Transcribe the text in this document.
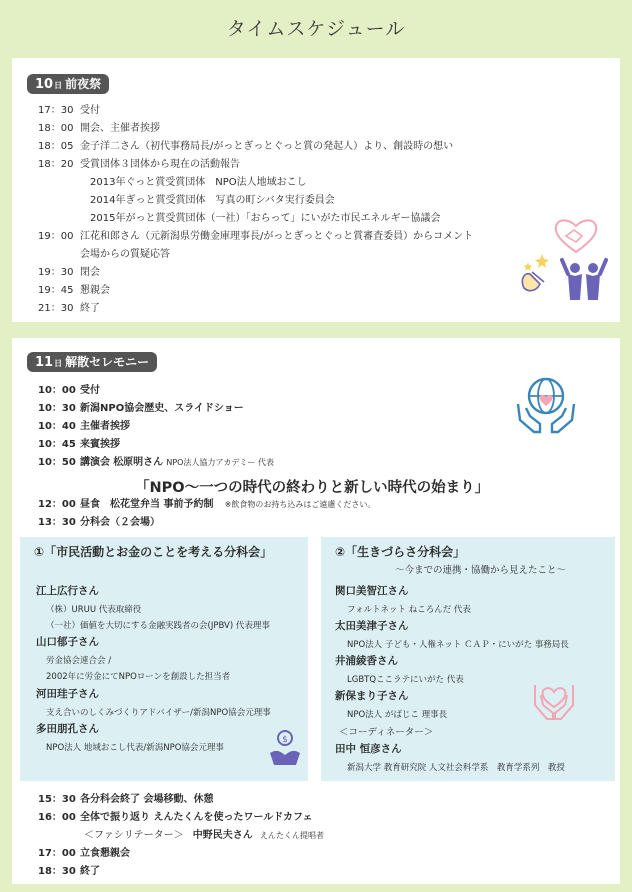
タイムスケジュール
10日 前夜祭
17：30 受付
18：00 開会、主催者挨拶
18：05 金子洋二さん（初代事務局長/がっとぎっとぐっと賞の発起人）より、創設時の想い
18：20 受賞団体３団体から現在の活動報告
2013年ぐっと賞受賞団体　NPO法人地域おこし
2014年ぎっと賞受賞団体　写真の町シバタ実行委員会
2015年がっと賞受賞団体（一社）「おらって」にいがた市民エネルギー協議会
19：00 江花和郎さん（元新潟県労働金庫理事長/がっとぎっとぐっと賞審査委員）からコメント
会場からの質疑応答
19：30 閉会
19：45 懇親会
21：30 終了
11日 解散セレモニー
10：00 受付
10：30 新潟NPO協会歴史、スライドショー
10：40 主催者挨拶
10：45 来賓挨拶
10：50 講演会 松原明さん NPO法人協力アカデミー 代表
「NPO～一つの時代の終わりと新しい時代の始まり」
12：00 昼食　松花堂弁当 事前予約制 ※飲食物のお持ち込みはご遠慮ください。
13：30 分科会（２会場）
①「市民活動とお金のことを考える分科会」
江上広行さん
（株）URUU 代表取締役
（一社）価値を大切にする金融実践者の会(JPBV) 代表理事
山口郁子さん
労金協会連合会 /
2002年に労金にてNPOローンを創設した担当者
河田珪子さん
支え合いのしくみづくりアドバイザー/新潟NPO協会元理事
多田朋孔さん
NPO法人 地域おこし代表/新潟NPO協会元理事
$
②「生きづらさ分科会」
～今までの連携・協働から見えたこと～
関口美智江さん
フォルトネット ねころんだ 代表
太田美津子さん
NPO法人 子ども・人権ネット ＣＡＰ・にいがた 事務局長
井浦綾香さん
LGBTQここラテにいがた 代表
新保まり子さん
NPO法人 がばじこ 理事長
＜コーディネーター＞
田中 恒彦さん
新潟大学 教育研究院 人文社会科学系　教育学系列　教授
15：30 各分科会終了 会場移動、休憩
16：00 全体で振り返り えんたくんを使ったワールドカフェ
＜ファシリテーター＞ 中野民夫さん えんたくん提唱者
17：00 立食懇親会
18：30 終了
